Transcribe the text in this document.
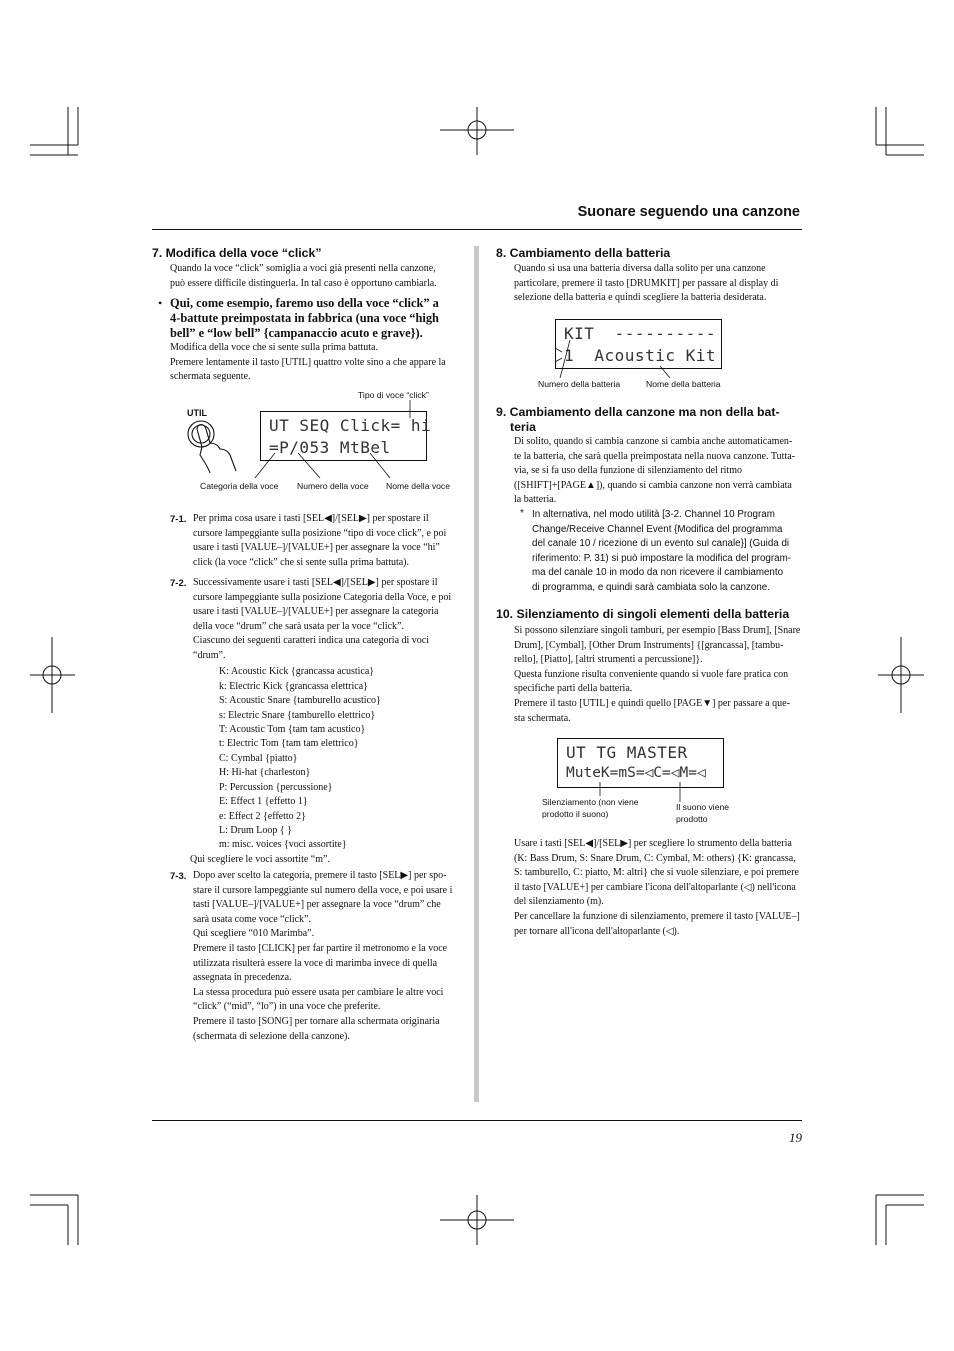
Suonare seguendo una canzone
7. Modifica della voce “click”
Quando la voce “click” somiglia a voci già presenti nella canzone,
può essere difficile distinguerla. In tal caso è opportuno cambiarla.
• Qui, come esempio, faremo uso della voce “click” a
4-battute preimpostata in fabbrica (una voce “high
bell” e “low bell” {campanaccio acuto e grave}).
Modifica della voce che si sente sulla prima battuta.
Premere lentamente il tasto [UTIL] quattro volte sino a che appare la
schermata seguente.
UTIL
Tipo di voce “click”
UT SEQ Click= hi
=P/053 MtBel
Categoria della voce Numero della voce Nome della voce
7-1. Per prima cosa usare i tasti [SEL◀]/[SEL▶] per spostare il
cursore lampeggiante sulla posizione “tipo di voce click”, e poi
usare i tasti [VALUE–]/[VALUE+] per assegnare la voce “hi”
click (la voce “click” che si sente sulla prima battuta).
7-2. Successivamente usare i tasti [SEL◀]/[SEL▶] per spostare il
cursore lampeggiante sulla posizione Categoria della Voce, e poi
usare i tasti [VALUE–]/[VALUE+] per assegnare la categoria
della voce “drum” che sarà usata per la voce “click”.
Ciascuno dei seguenti caratteri indica una categoria di voci
“drum”.
K: Acoustic Kick {grancassa acustica}
k: Electric Kick {grancassa elettrica}
S: Acoustic Snare {tamburello acustico}
s: Electric Snare {tamburello elettrico}
T: Acoustic Tom {tam tam acustico}
t: Electric Tom {tam tam elettrico}
C: Cymbal {piatto}
H: Hi-hat {charleston}
P: Percussion {percussione}
E: Effect 1 {effetto 1}
e: Effect 2 {effetto 2}
L: Drum Loop { }
m: misc. voices {voci assortite}
Qui scegliere le voci assortite “m”.
7-3. Dopo aver scelto la categoria, premere il tasto [SEL▶] per spo-
stare il cursore lampeggiante sul numero della voce, e poi usare i
tasti [VALUE–]/[VALUE+] per assegnare la voce “drum” che
sarà usata come voce “click”.
Qui scegliere “010 Marimba”.
Premere il tasto [CLICK] per far partire il metronomo e la voce
utilizzata risulterà essere la voce di marimba invece di quella
assegnata in precedenza.
La stessa procedura può essere usata per cambiare le altre voci
“click” (“mid”, “lo”) in una voce che preferite.
Premere il tasto [SONG] per tornare alla schermata originaria
(schermata di selezione della canzone).
8. Cambiamento della batteria
Quando si usa una batteria diversa dalla solito per una canzone
particolare, premere il tasto [DRUMKIT] per passare al display di
selezione della batteria e quindi scegliere la batteria desiderata.
KIT  ----------
1  Acoustic Kit
Numero della batteria	Nome della batteria
9. Cambiamento della canzone ma non della bat-
teria
Di solito, quando si cambia canzone si cambia anche automaticamen-
te la batteria, che sarà quella preimpostata nella nuova canzone. Tutta-
via, se si fa uso della funzione di silenziamento del ritmo
([SHIFT]+[PAGE▲]), quando si cambia canzone non verrà cambiata
la batteria.
* In alternativa, nel modo utilità [3-2. Channel 10 Program
Change/Receive Channel Event {Modifica del programma
del canale 10 / ricezione di un evento sul canale}] (Guida di
riferimento: P. 31) si può impostare la modifica del program-
ma del canale 10 in modo da non ricevere il cambiamento
di programma, e quindi sarà cambiata solo la canzone.
10. Silenziamento di singoli elementi della batteria
Si possono silenziare singoli tamburi, per esempio [Bass Drum], [Snare
Drum], [Cymbal], [Other Drum Instruments] {[grancassa], [tambu-
rello], [Piatto], [altri strumenti a percussione]}.
Questa funzione risulta conveniente quando si vuole fare pratica con
specifiche parti della batteria.
Premere il tasto [UTIL] e quindi quello [PAGE▼] per passare a que-
sta schermata.
UT TG MASTER
MuteK=mS=◁C=◁M=◁
Silenziamento (non viene
prodotto il suono)
Il suono viene
prodotto
Usare i tasti [SEL◀]/[SEL▶] per scegliere lo strumento della batteria
(K: Bass Drum, S: Snare Drum, C: Cymbal, M: others) {K: grancassa,
S: tamburello, C: piatto, M: altri} che si vuole silenziare, e poi premere
il tasto [VALUE+] per cambiare l'icona dell'altoparlante (◁) nell'icona
del silenziamento (m).
Per cancellare la funzione di silenziamento, premere il tasto [VALUE–]
per tornare all'icona dell'altoparlante (◁).
19
